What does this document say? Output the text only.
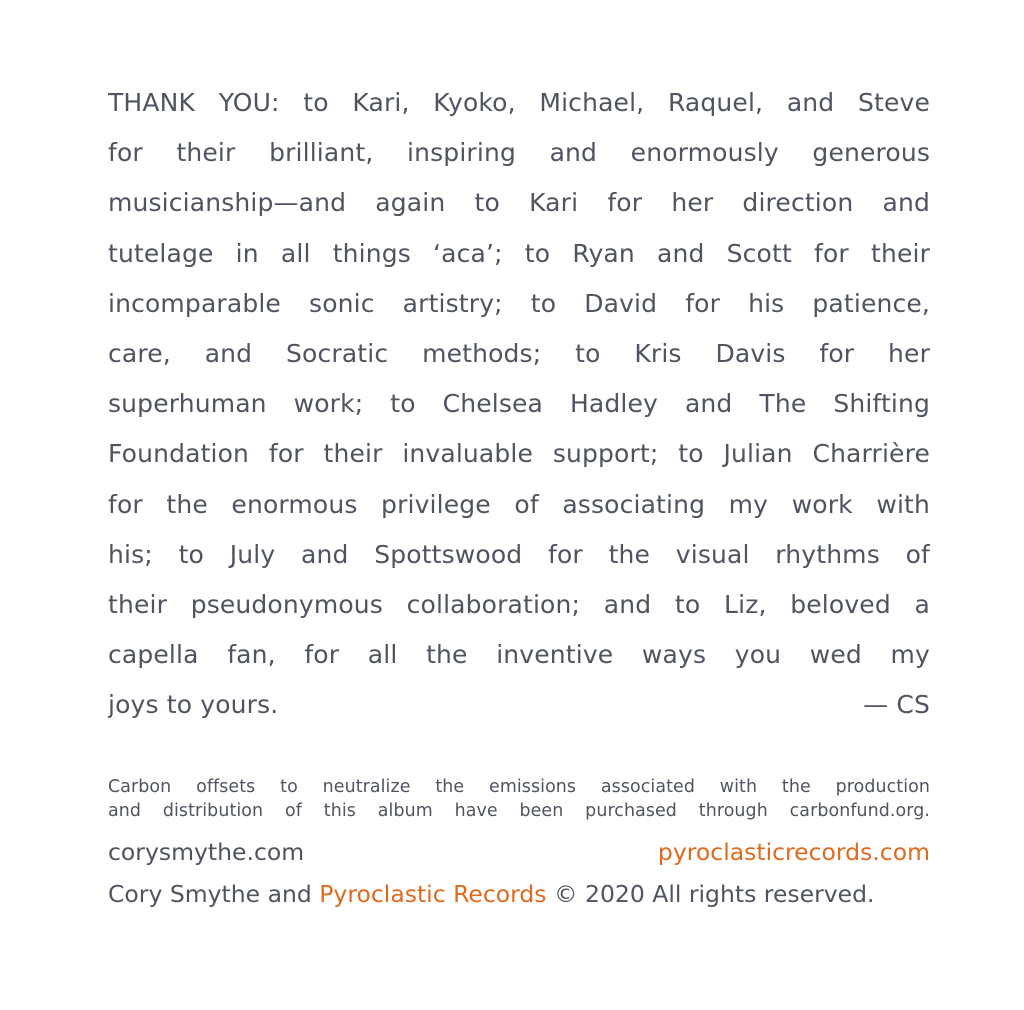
THANK YOU: to Kari, Kyoko, Michael, Raquel, and Steve
for their brilliant, inspiring and enormously generous
musicianship—and again to Kari for her direction and
tutelage in all things ‘aca’; to Ryan and Scott for their
incomparable sonic artistry; to David for his patience,
care, and Socratic methods; to Kris Davis for her
superhuman work; to Chelsea Hadley and The Shifting
Foundation for their invaluable support; to Julian Charrière
for the enormous privilege of associating my work with
his; to July and Spottswood for the visual rhythms of
their pseudonymous collaboration; and to Liz, beloved a
capella fan, for all the inventive ways you wed my
joys to yours.	— CS
Carbon offsets to neutralize the emissions associated with the production
and distribution of this album have been purchased through carbonfund.org.
corysmythe.com	pyroclasticrecords.com
Cory Smythe and Pyroclastic Records © 2020 All rights reserved.
